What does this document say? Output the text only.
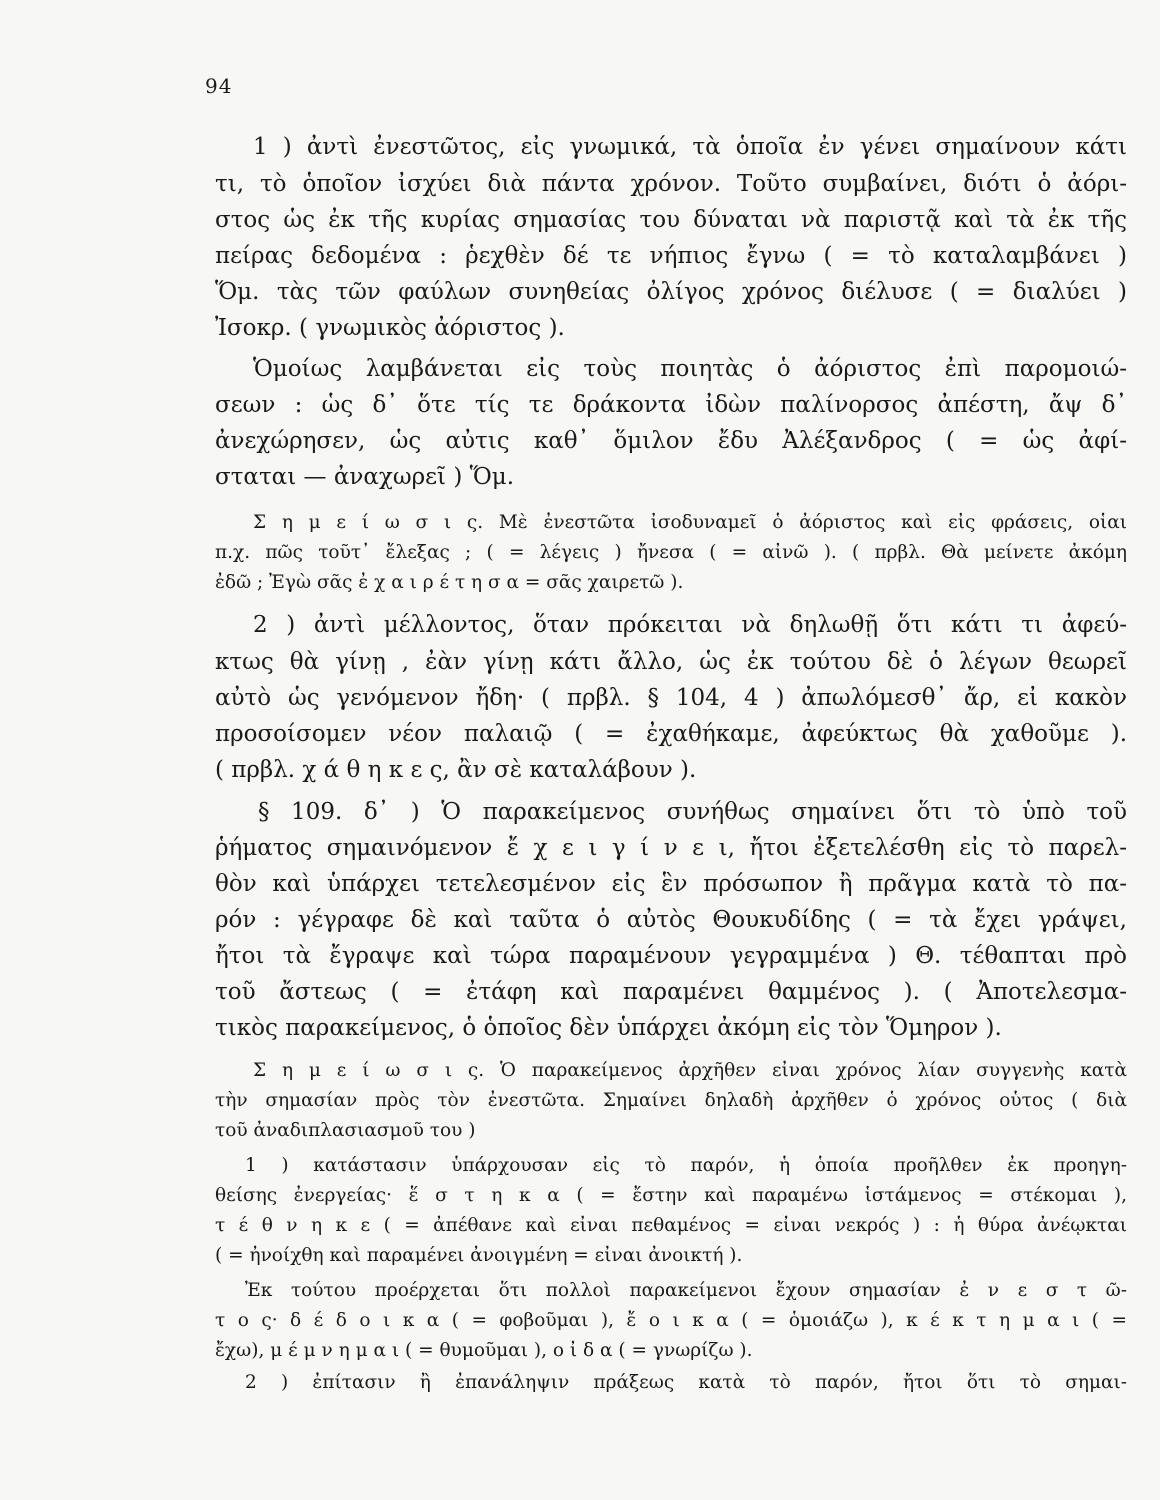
94
1 ) ἀντὶ ἐνεστῶτος, εἰς γνωμικά, τὰ ὁποῖα ἐν γένει σημαίνουν κάτι
τι, τὸ ὁποῖον ἰσχύει διὰ πάντα χρόνον. Τοῦτο συμβαίνει, διότι ὁ ἀόρι-
στος ὡς ἐκ τῆς κυρίας σημασίας του δύναται νὰ παριστᾷ καὶ τὰ ἐκ τῆς
πείρας δεδομένα : ῥεχθὲν δέ τε νήπιος ἔγνω ( = τὸ καταλαμβάνει )
Ὅμ. τὰς τῶν φαύλων συνηθείας ὀλίγος χρόνος διέλυσε ( = διαλύει )
Ἰσοκρ. ( γνωμικὸς ἀόριστος ).
Ὁμοίως λαμβάνεται εἰς τοὺς ποιητὰς ὁ ἀόριστος ἐπὶ παρομοιώ-
σεων : ὡς δ᾽ ὅτε τίς τε δράκοντα ἰδὼν παλίνορσος ἀπέστη, ἄψ δ᾽
ἀνεχώρησεν, ὡς αὖτις καθ᾽ ὅμιλον ἔδυ Ἀλέξανδρος ( = ὡς ἀφί-
σταται — ἀναχωρεῖ ) Ὅμ.
Σ η μ ε ί ω σ ι ς. Μὲ ἐνεστῶτα ἰσοδυναμεῖ ὁ ἀόριστος καὶ εἰς φράσεις, οἷαι
π.χ. πῶς τοῦτ᾽ ἔλεξας ; ( = λέγεις ) ἤνεσα ( = αἰνῶ ). ( πρβλ. Θὰ μείνετε ἀκόμη
ἐδῶ ; Ἐγὼ σᾶς ἐ χ α ι ρ έ τ η σ α = σᾶς χαιρετῶ ).
2 ) ἀντὶ μέλλοντος, ὅταν πρόκειται νὰ δηλωθῇ ὅτι κάτι τι ἀφεύ-
κτως θὰ γίνῃ , ἐὰν γίνῃ κάτι ἄλλο, ὡς ἐκ τούτου δὲ ὁ λέγων θεωρεῖ
αὐτὸ ὡς γενόμενον ἤδη· ( πρβλ. § 104, 4 ) ἀπωλόμεσθ᾽ ἄρ, εἰ κακὸν
προσοίσομεν νέον παλαιῷ ( = ἐχαθήκαμε, ἀφεύκτως θὰ χαθοῦμε ).
( πρβλ. χ ά θ η κ ε ς, ἂν σὲ καταλάβουν ).
§ 109. δ᾽ ) Ὁ παρακείμενος συνήθως σημαίνει ὅτι τὸ ὑπὸ τοῦ
ῥήματος σημαινόμενον ἔ χ ε ι γ ί ν ε ι, ἤτοι ἐξετελέσθη εἰς τὸ παρελ-
θὸν καὶ ὑπάρχει τετελεσμένον εἰς ἓν πρόσωπον ἢ πρᾶγμα κατὰ τὸ πα-
ρόν : γέγραφε δὲ καὶ ταῦτα ὁ αὐτὸς Θουκυδίδης ( = τὰ ἔχει γράψει,
ἤτοι τὰ ἔγραψε καὶ τώρα παραμένουν γεγραμμένα ) Θ. τέθαπται πρὸ
τοῦ ἄστεως ( = ἐτάφη καὶ παραμένει θαμμένος ). ( Ἀποτελεσμα-
τικὸς παρακείμενος, ὁ ὁποῖος δὲν ὑπάρχει ἀκόμη εἰς τὸν Ὅμηρον ).
Σ η μ ε ί ω σ ι ς. Ὁ παρακείμενος ἀρχῆθεν εἶναι χρόνος λίαν συγγενὴς κατὰ
τὴν σημασίαν πρὸς τὸν ἐνεστῶτα. Σημαίνει δηλαδὴ ἀρχῆθεν ὁ χρόνος οὗτος ( διὰ
τοῦ ἀναδιπλασιασμοῦ του )
1 ) κατάστασιν ὑπάρχουσαν εἰς τὸ παρόν, ἡ ὁποία προῆλθεν ἐκ προηγη-
θείσης ἐνεργείας· ἕ σ τ η κ α ( = ἔστην καὶ παραμένω ἱστάμενος = στέκομαι ),
τ έ θ ν η κ ε ( = ἀπέθανε καὶ εἶναι πεθαμένος = εἶναι νεκρός ) : ἡ θύρα ἀνέῳκται
( = ἠνοίχθη καὶ παραμένει ἀνοιγμένη = εἶναι ἀνοικτή ).
Ἐκ τούτου προέρχεται ὅτι πολλοὶ παρακείμενοι ἔχουν σημασίαν ἐ ν ε σ τ ῶ-
τ ο ς· δ έ δ ο ι κ α ( = φοβοῦμαι ), ἔ ο ι κ α ( = ὁμοιάζω ), κ έ κ τ η μ α ι ( =
ἔχω), μ έ μ ν η μ α ι ( = θυμοῦμαι ), ο ἶ δ α ( = γνωρίζω ).
2 ) ἐπίτασιν ἢ ἐπανάληψιν πράξεως κατὰ τὸ παρόν, ἤτοι ὅτι τὸ σημαι-
